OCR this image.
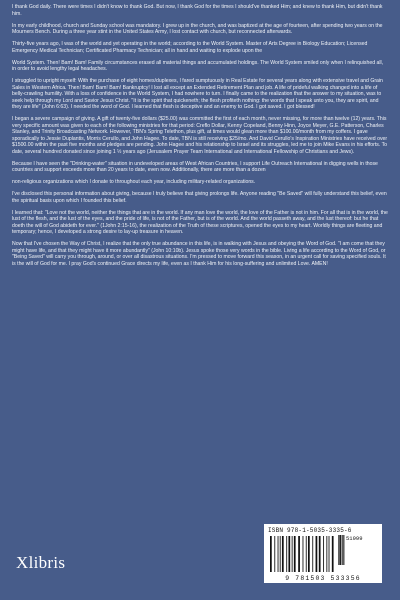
I thank God daily. There were times I didn't know to thank God. But now, I thank God for the times I should've thanked Him; and knew to thank Him, but didn't thank him.

In my early childhood, church and Sunday school was mandatory. I grew up in the church, and was baptized at the age of fourteen, after spending two years on the Mourners Bench. During a three year stint in the United States Army, I lost contact with church, but reconnected afterwards.

Thirty-five years ago, I was of the world and yet operating in the world; according to the World System. Master of Arts Degree in Biology Education; Licensed Emergency Medical Technician; Certificated Pharmacy Technician; all in hand and waiting to explode upon the

World System. Then! Bam! Bam! Family circumstances erased all material things and accumulated holdings. The World System smiled only when I relinquished all, in order to avoid lengthy legal headaches.

I struggled to upright myself: With the purchase of eight homes/duplexes, I fared sumptuously in Real Estate for several years along with extensive travel and Grain Sales in Western Africa. Then! Bam! Bam! Bam! Bankruptcy! I lost all except an Extended Retirement Plan and job. A life of prideful walking changed into a life of belly-crawling humility. With a loss of confidence in the World System, I had nowhere to turn. I finally came to the realization that the answer to my situation, was to seek help through my Lord and Savior Jesus Christ. "It is the spirit that quickeneth; the flesh profiteth nothing: the words that I speak unto you, they are spirit, and they are life" (John 6:63). I needed the word of God. I learned that flesh is deceptive and an enemy to God. I got saved. I got blessed!

I began a severe campaign of giving. A gift of twenty-five dollars ($25.00) was committed the first of each month, never missing, for more than twelve (12) years. This very specific amount was given to each of the following ministries for that period: Creflo Dollar, Kenny Copeland, Benny Hinn, Joyce Meyer, G.E. Patterson, Charles Stanley, and Trinity Broadcasting Network. However, TBN's Spring Telethon, plus gift, at times would glean more than $100.00/month from my coffers. I gave sporadically to Jessie Duplantis, Morris Cerullo, and John Hagee. To date, TBN is still receiving $25/mo. And David Cerullo's Inspiration Ministries have received over $1500.00 within the past five months and pledges are pending. John Hagee and his relationship to Israel and its struggles, led me to join Mike Evans in his efforts. To date, several hundred donated since joining 1 ½ years ago (Jerusalem Prayer Team International and International Fellowship of Christians and Jews).

Because I have seen the "Drinking-water" situation in undeveloped areas of West African Countries, I support Life Outreach International in digging wells in those countries and support exceeds more than 20 years to date, even now. Additionally, there are more than a dozen

non-religious organizations which I donate to throughout each year, including military-related organizations.

I've disclosed this personal information about giving, because I truly believe that giving prolongs life. Anyone reading "Be Saved" will fully understand this belief, even the spiritual basis upon which I founded this belief.

I learned that: "Love not the world, neither the things that are in the world. If any man love the world, the love of the Father is not in him. For all that is in the world, the lust of the flesh, and the lust of the eyes, and the pride of life, is not of the Father, but is of the world. And the world passeth away, and the lust thereof: but he that doeth the will of God abideth for ever." (1John 2:15-16), the realization of the Truth of these scriptures, opened the eyes to my heart. Worldly things are fleeting and temporary; hence, I developed a strong desire to lay-up treasure in heaven.

Now that I've chosen the Way of Christ, I realize that the only true abundance in this life, is in walking with Jesus and obeying the Word of God. "I am come that they might have life, and that they might have it more abundantly" (John 10:10b). Jesus spoke those very words in the bible. Living a life according to the Word of God, or "Being Saved" will carry you through, around, or over all disastrous situations. I'm pressed to move forward this season, in an urgent call for saving specified souls. It is the will of God for me. I pray God's continued Grace directs my life, even as I thank Him for his long-suffering and unlimited Love. AMEN!

Xlibris
ISBN 978-1-5035-3335-6
51999
9 781503 533356
